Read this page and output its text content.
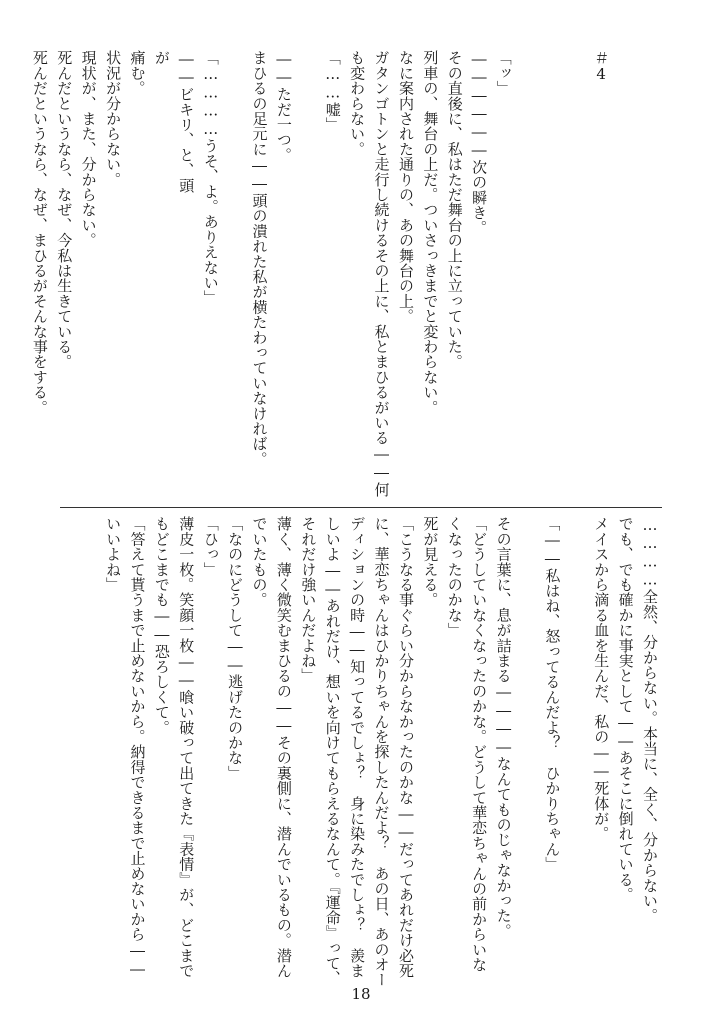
＃4

「ッ」
――――――次の瞬き。
その直後に、私はただ舞台の上に立っていた。
列車の、舞台の上だ。ついさっきまでと変わらない。
なに案内された通りの、あの舞台の上。
ガタンゴトンと走行し続けるその上に、私とまひるがいる――何
も変わらない。
「……嘘」

――ただ一つ。
まひるの足元に――頭の潰れた私が横たわっていなければ。

「…………うそ、よ。ありえない」
――ビキリ、と、頭
が
痛む。
状況が分からない。
現状が、また、分からない。
死んだというなら、なぜ、今私は生きている。
死んだというなら、なぜ、まひるがそんな事をする。
…………全然、分からない。本当に、全く、分からない。
でも、でも確かに事実として――あそこに倒れている。
メイスから滴る血を生んだ、私の――死体が。

「――私はね、怒ってるんだよ？　ひかりちゃん」

その言葉に、息が詰まる――――なんてものじゃなかった。
「どうしていなくなったのかな。どうして華恋ちゃんの前からいな
くなったのかな」
死が見える。
「こうなる事ぐらい分からなかったのかな――だってあれだけ必死
に、華恋ちゃんはひかりちゃんを探したんだよ？　あの日、あのオー
ディションの時――知ってるでしょ？　身に染みたでしょ？　羨ま
しいよ――あれだけ、想いを向けてもらえるなんて。『運命』って、
それだけ強いんだよね」
薄く、薄く微笑むまひるの――その裏側に、潜んでいるもの。潜ん
でいたもの。
「なのにどうして――逃げたのかな」
「ひっ」
薄皮一枚。笑顔一枚――喰い破って出てきた『表情』が、どこまで
もどこまでも――恐ろしくて。
「答えて貰うまで止めないから。納得できるまで止めないから――
いいよね」
18
